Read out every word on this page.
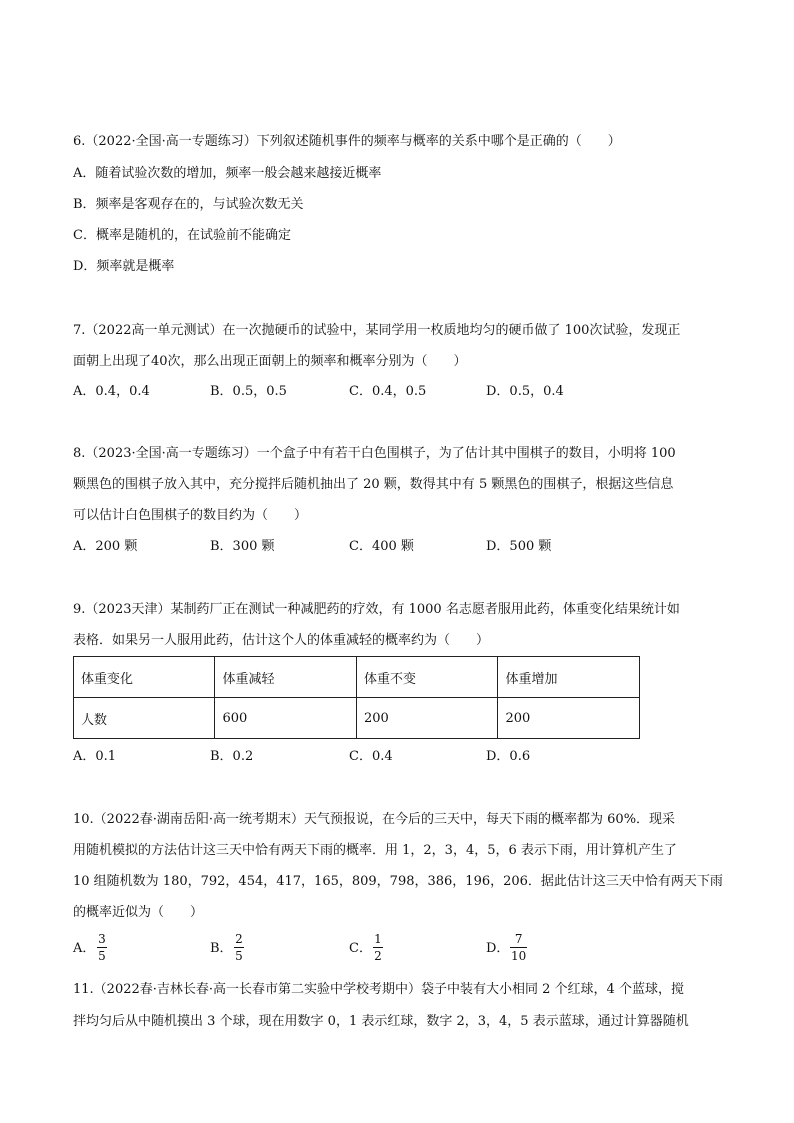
6.（2022·全国·高一专题练习）下列叙述随机事件的频率与概率的关系中哪个是正确的（　　）
A．随着试验次数的增加，频率一般会越来越接近概率
B．频率是客观存在的，与试验次数无关
C．概率是随机的，在试验前不能确定
D．频率就是概率
7.（2022高一单元测试）在一次抛硬币的试验中，某同学用一枚质地均匀的硬币做了 100次试验，发现正
面朝上出现了40次，那么出现正面朝上的频率和概率分别为（　　）
A．0.4，0.4	B．0.5，0.5	C．0.4，0.5	D．0.5，0.4
8.（2023·全国·高一专题练习）一个盒子中有若干白色围棋子，为了估计其中围棋子的数目，小明将 100
颗黑色的围棋子放入其中，充分搅拌后随机抽出了 20 颗，数得其中有 5 颗黑色的围棋子，根据这些信息
可以估计白色围棋子的数目约为（　　）
A．200 颗	B．300 颗	C．400 颗	D．500 颗
9.（2023天津）某制药厂正在测试一种减肥药的疗效，有 1000 名志愿者服用此药，体重变化结果统计如
表格．如果另一人服用此药，估计这个人的体重减轻的概率约为（　　）
体重变化	体重减轻	体重不变	体重增加
人数	600	200	200
A．0.1	B．0.2	C．0.4	D．0.6
10.（2022春·湖南岳阳·高一统考期末）天气预报说，在今后的三天中，每天下雨的概率都为 60%．现采
用随机模拟的方法估计这三天中恰有两天下雨的概率．用 1，2，3，4，5，6 表示下雨，用计算机产生了
10 组随机数为 180，792，454，417，165，809，798，386，196，206．据此估计这三天中恰有两天下雨
的概率近似为（　　）
A． $\frac{3}{5}$	B． $\frac{2}{5}$	C． $\frac{1}{2}$	D． $\frac{7}{10}$
11.（2022春·吉林长春·高一长春市第二实验中学校考期中）袋子中装有大小相同 2 个红球，4 个蓝球，搅
拌均匀后从中随机摸出 3 个球，现在用数字 0，1 表示红球，数字 2，3，4，5 表示蓝球，通过计算器随机
